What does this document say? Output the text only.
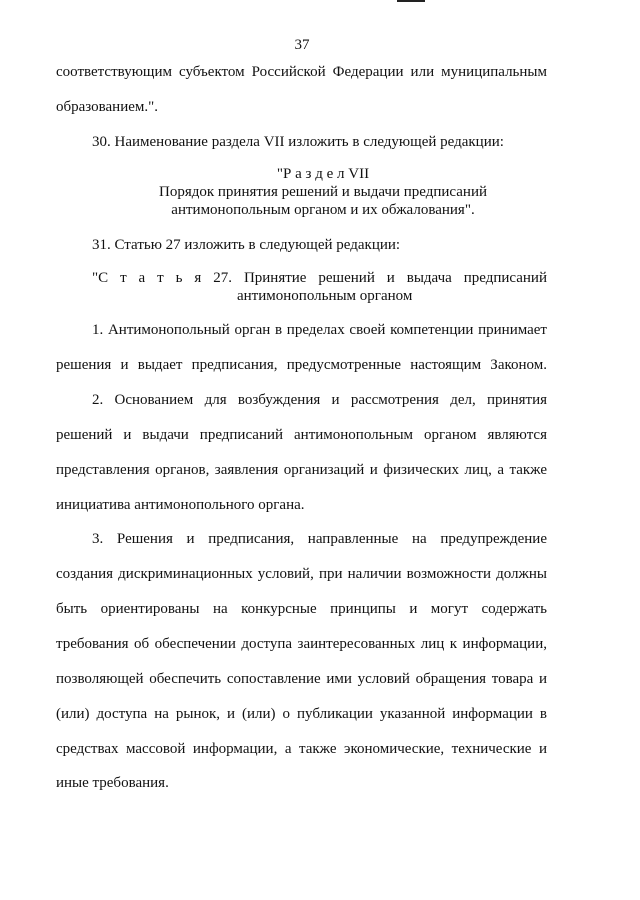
37
соответствующим субъектом Российской Федерации или муниципальным
образованием.".
30. Наименование раздела VII изложить в следующей редакции:
"Р а з д е л VII
Порядок принятия решений и выдачи предписаний
антимонопольным органом и их обжалования".
31. Статью 27 изложить в следующей редакции:
"С т а т ь я 27. Принятие решений и выдача предписаний
антимонопольным органом
1. Антимонопольный орган в пределах своей компетенции принимает
решения и выдает предписания, предусмотренные настоящим Законом.
2. Основанием для возбуждения и рассмотрения дел, принятия
решений и выдачи предписаний антимонопольным органом являются
представления органов, заявления организаций и физических лиц, а также
инициатива антимонопольного органа.
3. Решения и предписания, направленные на предупреждение
создания дискриминационных условий, при наличии возможности должны
быть ориентированы на конкурсные принципы и могут содержать
требования об обеспечении доступа заинтересованных лиц к информации,
позволяющей обеспечить сопоставление ими условий обращения товара и
(или) доступа на рынок, и (или) о публикации указанной информации в
средствах массовой информации, а также экономические, технические и
иные требования.
